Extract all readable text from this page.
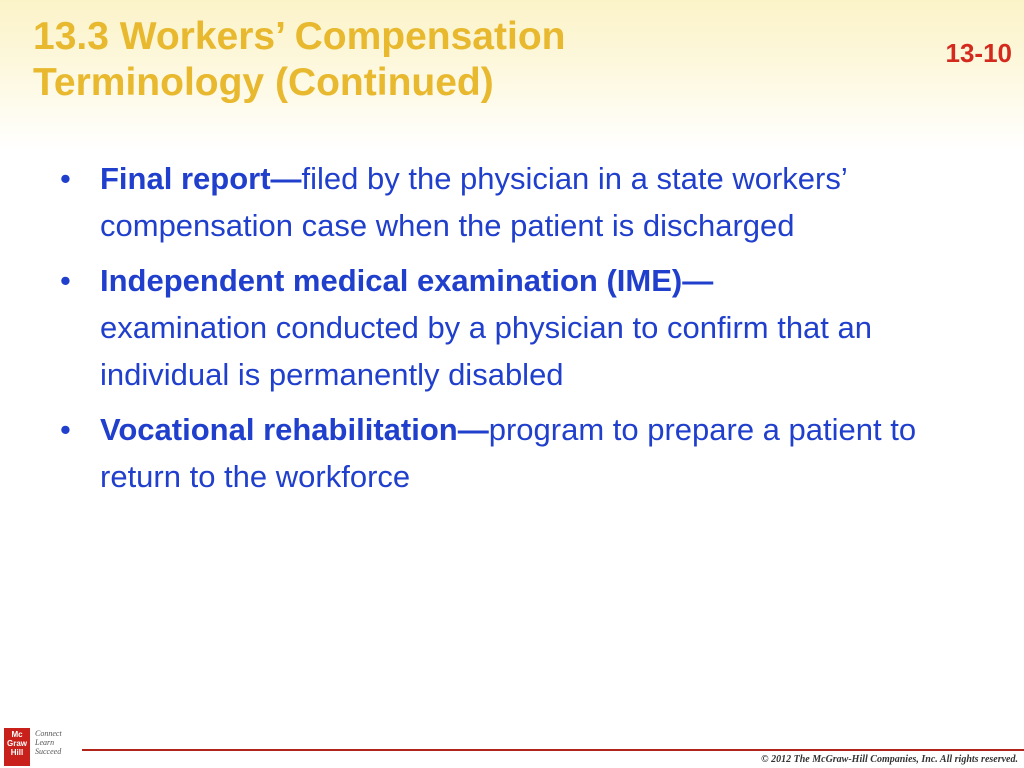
13.3 Workers’ Compensation
Terminology (Continued)
13-10
• Final report—filed by the physician in a state workers’ compensation case when the patient is discharged
• Independent medical examination (IME)—
examination conducted by a physician to confirm that an individual is permanently disabled
• Vocational rehabilitation—program to prepare a patient to return to the workforce
Mc
Graw
Hill
Connect
Learn
Succeed
© 2012 The McGraw-Hill Companies, Inc. All rights reserved.
